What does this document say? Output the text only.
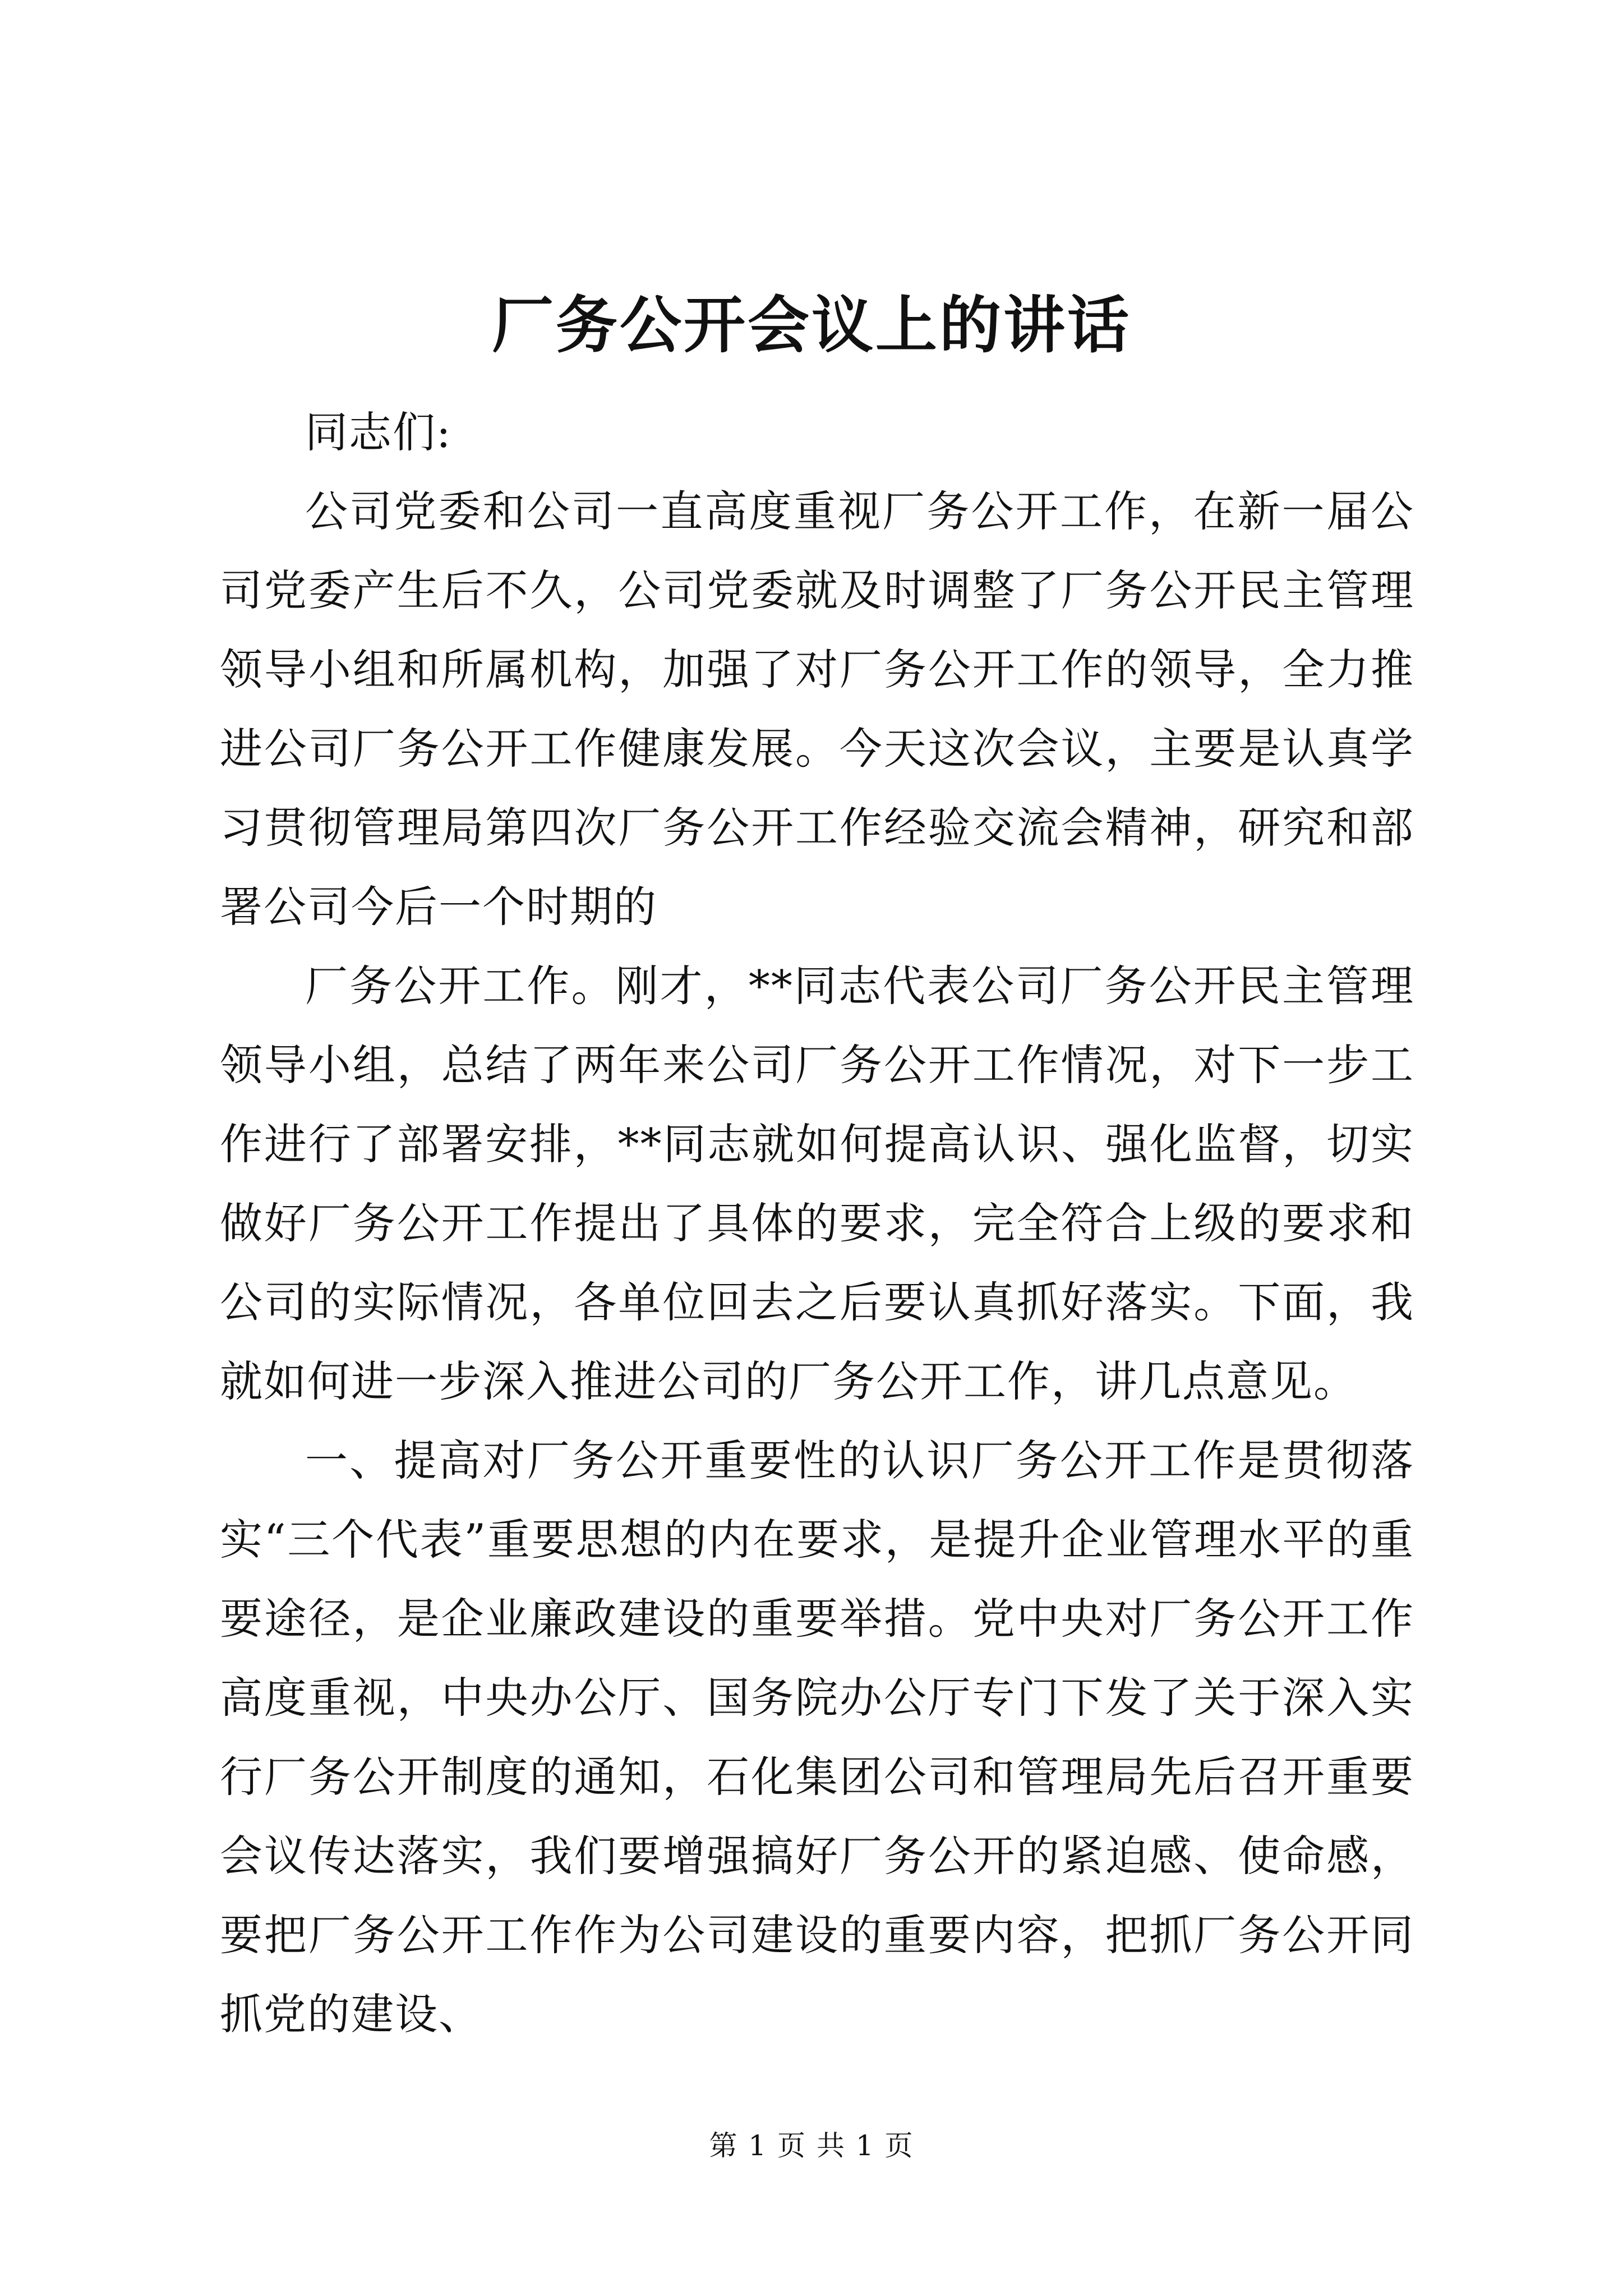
厂务公开会议上的讲话

同志们:

公司党委和公司一直高度重视厂务公开工作，在新一届公司党委产生后不久，公司党委就及时调整了厂务公开民主管理领导小组和所属机构，加强了对厂务公开工作的领导，全力推进公司厂务公开工作健康发展。今天这次会议，主要是认真学习贯彻管理局第四次厂务公开工作经验交流会精神，研究和部署公司今后一个时期的

厂务公开工作。刚才，**同志代表公司厂务公开民主管理领导小组，总结了两年来公司厂务公开工作情况，对下一步工作进行了部署安排，**同志就如何提高认识、强化监督，切实做好厂务公开工作提出了具体的要求，完全符合上级的要求和公司的实际情况，各单位回去之后要认真抓好落实。下面，我就如何进一步深入推进公司的厂务公开工作，讲几点意见。

一、提高对厂务公开重要性的认识厂务公开工作是贯彻落实“三个代表”重要思想的内在要求，是提升企业管理水平的重要途径，是企业廉政建设的重要举措。党中央对厂务公开工作高度重视，中央办公厅、国务院办公厅专门下发了关于深入实行厂务公开制度的通知，石化集团公司和管理局先后召开重要会议传达落实，我们要增强搞好厂务公开的紧迫感、使命感，要把厂务公开工作作为公司建设的重要内容，把抓厂务公开同抓党的建设、

第 1 页 共 1 页
